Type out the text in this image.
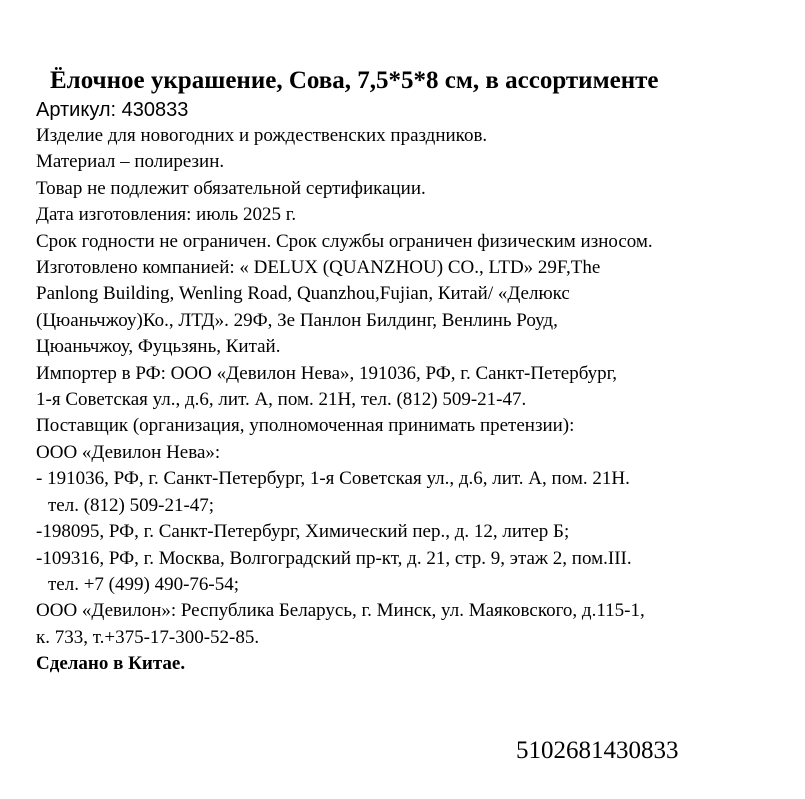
Ёлочное украшение, Сова, 7,5*5*8 см, в ассортименте

Артикул: 430833

Изделие для новогодних и рождественских праздников.

Материал – полирезин.

Товар не подлежит обязательной сертификации.

Дата изготовления: июль 2025 г.

Срок годности не ограничен. Срок службы ограничен физическим износом.

Изготовлено компанией: « DELUX (QUANZHOU) CO., LTD» 29F,The

Panlong Building, Wenling Road, Quanzhou,Fujian, Китай/ «Делюкс

(Цюаньчжоу)Ко., ЛТД». 29Ф, Зе Панлон Билдинг, Венлинь Роуд,

Цюаньчжоу, Фуцьзянь, Китай.

Импортер в РФ: ООО «Девилон Нева», 191036, РФ, г. Санкт-Петербург,

1-я Советская ул., д.6, лит. А, пом. 21Н, тел. (812) 509-21-47.

Поставщик (организация, уполномоченная принимать претензии):

ООО «Девилон Нева»:

- 191036, РФ, г. Санкт-Петербург, 1-я Советская ул., д.6, лит. А, пом. 21Н.

тел. (812) 509-21-47;

-198095, РФ, г. Санкт-Петербург, Химический пер., д. 12, литер Б;

-109316, РФ, г. Москва, Волгоградский пр-кт, д. 21, стр. 9, этаж 2, пом.III.

тел. +7 (499) 490-76-54;

ООО «Девилон»: Республика Беларусь, г. Минск, ул. Маяковского, д.115-1,

к. 733, т.+375-17-300-52-85.

Сделано в Китае.

5102681430833
